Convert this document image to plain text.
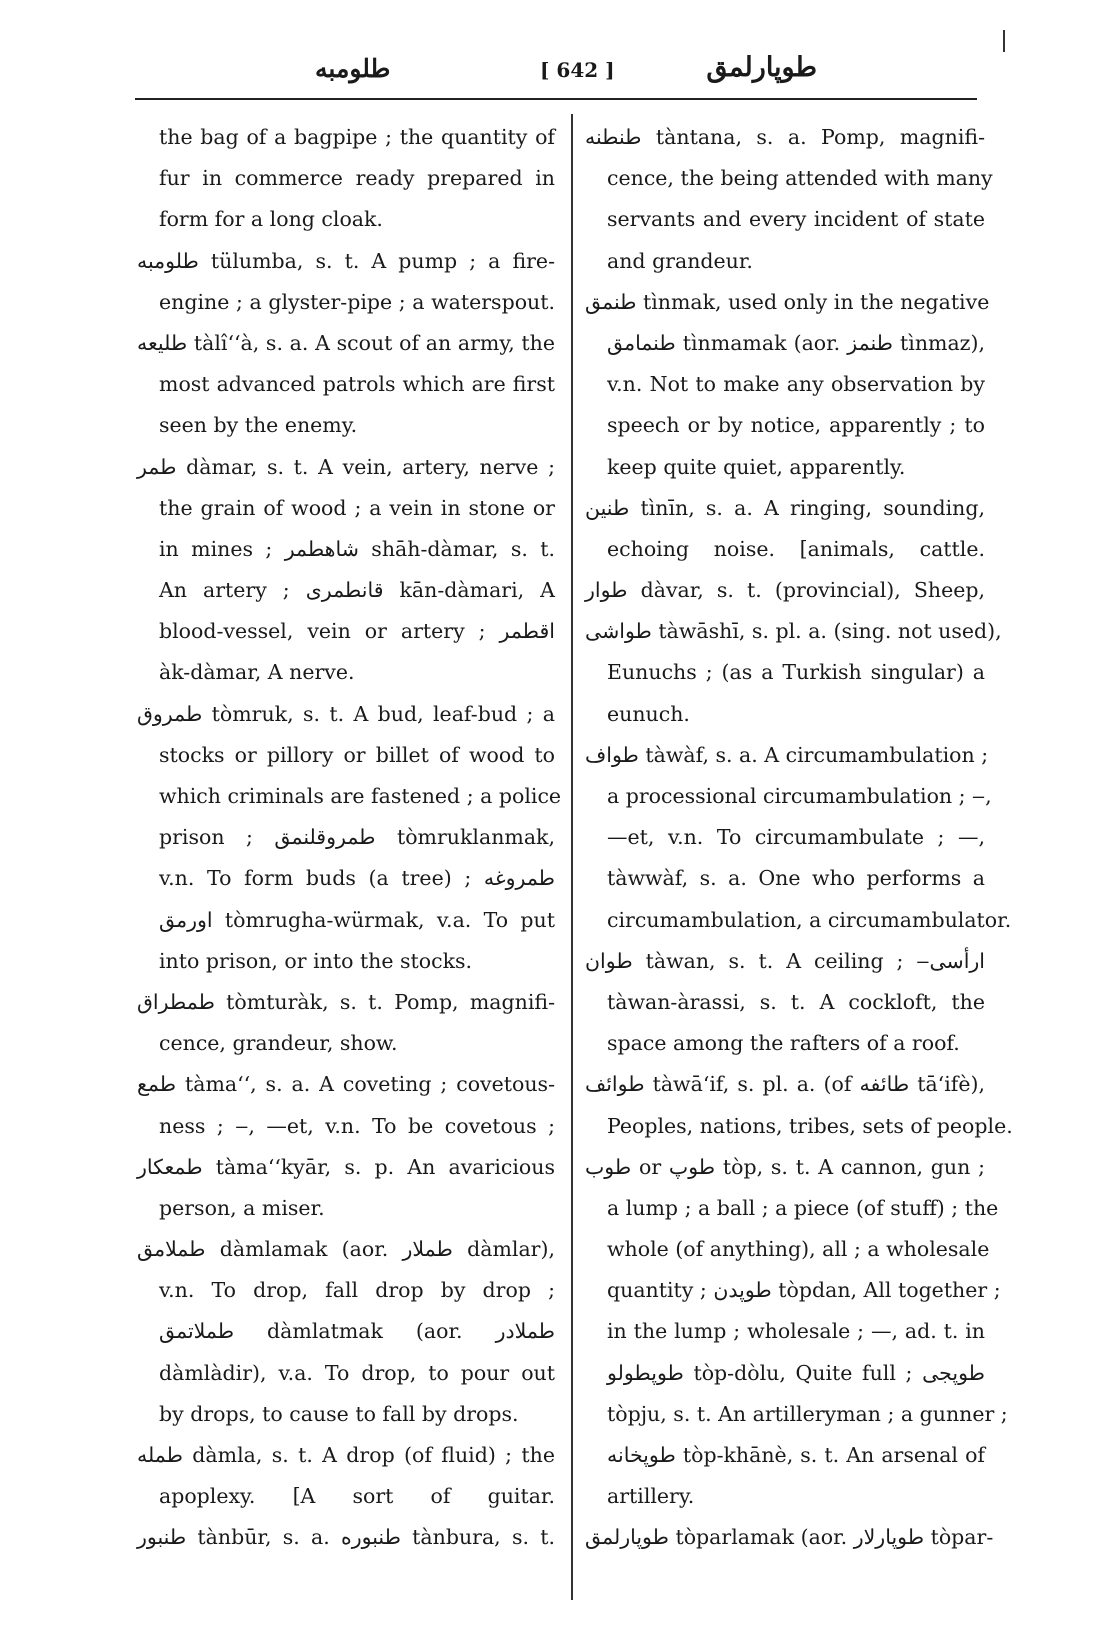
طلومبه	[ 642 ]	طوپارلمق
the bag of a bagpipe ; the quantity of
fur in commerce ready prepared in
form for a long cloak.
طلومبه tülumba, s. t. A pump ; a fire-
engine ; a glyster-pipe ; a waterspout.
طليعه tàlî‘‘à, s. a. A scout of an army, the
most advanced patrols which are first
seen by the enemy.
طمر dàmar, s. t. A vein, artery, nerve ;
the grain of wood ; a vein in stone or
in mines ; شاهطمر shāh-dàmar, s. t.
An artery ; قانطمری kān-dàmari, A
blood-vessel, vein or artery ; اقطمر
àk-dàmar, A nerve.
طمروق tòmruk, s. t. A bud, leaf-bud ; a
stocks or pillory or billet of wood to
which criminals are fastened ; a police
prison ; طمروقلنمق tòmruklanmak,
v.n. To form buds (a tree) ; طمروغه
اورمق tòmrugha-würmak, v.a. To put
into prison, or into the stocks.
طمطراق tòmturàk, s. t. Pomp, magnifi-
cence, grandeur, show.
طمع tàma‘‘, s. a. A coveting ; covetous-
ness ; ‒, —et, v.n. To be covetous ;
طمعكار tàma‘‘kyār, s. p. An avaricious
person, a miser.
طملامق dàmlamak (aor. طملار dàmlar),
v.n. To drop, fall drop by drop ;
طملاتمق dàmlatmak (aor. طملادر
dàmlàdir), v.a. To drop, to pour out
by drops, to cause to fall by drops.
طمله dàmla, s. t. A drop (of fluid) ; the
apoplexy. [A sort of guitar.
طنبور tànbūr, s. a. طنبوره tànbura, s. t.
طنطنه tàntana, s. a. Pomp, magnifi-
cence, the being attended with many
servants and every incident of state
and grandeur.
طنمق tìnmak, used only in the negative
طنمامق tìnmamak (aor. طنمز tìnmaz),
v.n. Not to make any observation by
speech or by notice, apparently ; to
keep quite quiet, apparently.
طنين tìnīn, s. a. A ringing, sounding,
echoing noise. [animals, cattle.
طوار dàvar, s. t. (provincial), Sheep,
طواشی tàwāshī, s. pl. a. (sing. not used),
Eunuchs ; (as a Turkish singular) a
eunuch.
طواف tàwàf, s. a. A circumambulation ;
a processional circumambulation ; ‒,
—et, v.n. To circumambulate ; —,
tàwwàf, s. a. One who performs a
circumambulation, a circumambulator.
طوان tàwan, s. t. A ceiling ; ‒ارأسی
tàwan-àrassi, s. t. A cockloft, the
space among the rafters of a roof.
طوائف tàwā‘if, s. pl. a. (of طائفه tā‘ifè),
Peoples, nations, tribes, sets of people.
طوب or طوپ tòp, s. t. A cannon, gun ;
a lump ; a ball ; a piece (of stuff) ; the
whole (of anything), all ; a wholesale
quantity ; طوپدن tòpdan, All together ;
in the lump ; wholesale ; —, ad. t. in
طوپطولو tòp-dòlu, Quite full ; طوپجی
tòpju, s. t. An artilleryman ; a gunner ;
طوپخانه tòp-khānè, s. t. An arsenal of
artillery.
طوپارلمق tòparlamak (aor. طوپارلار tòpar-
